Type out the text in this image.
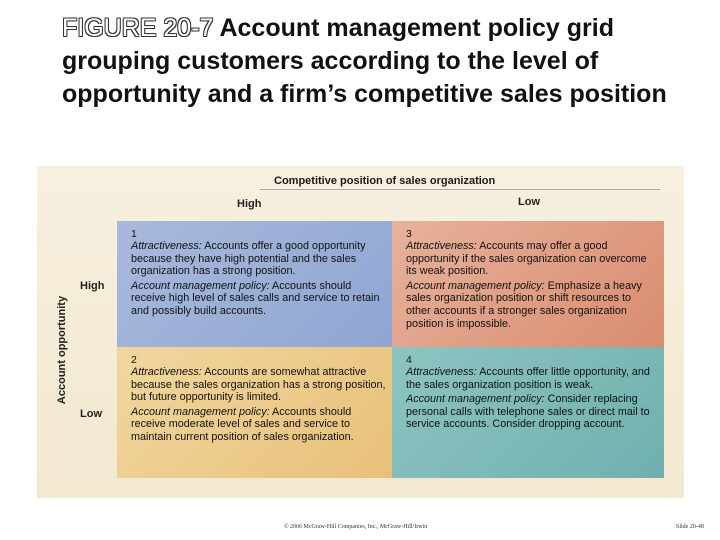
FIGURE 20-7 Account management policy grid grouping customers according to the level of opportunity and a firm’s competitive sales position
Competitive position of sales organization
High	Low
Account opportunity
High
Low
1
Attractiveness: Accounts offer a good opportunity because they have high potential and the sales organization has a strong position.
Account management policy: Accounts should receive high level of sales calls and service to retain and possibly build accounts.
3
Attractiveness: Accounts may offer a good opportunity if the sales organization can overcome its weak position.
Account management policy: Emphasize a heavy sales organization position or shift resources to other accounts if a stronger sales organization position is impossible.
2
Attractiveness: Accounts are somewhat attractive because the sales organization has a strong position, but future opportunity is limited.
Account management policy: Accounts should receive moderate level of sales and service to maintain current position of sales organization.
4
Attractiveness: Accounts offer little opportunity, and the sales organization position is weak.
Account management policy: Consider replacing personal calls with telephone sales or direct mail to service accounts. Consider dropping account.
© 2006 McGraw-Hill Companies, Inc., McGraw-Hill/Irwin	Slide 20-48
